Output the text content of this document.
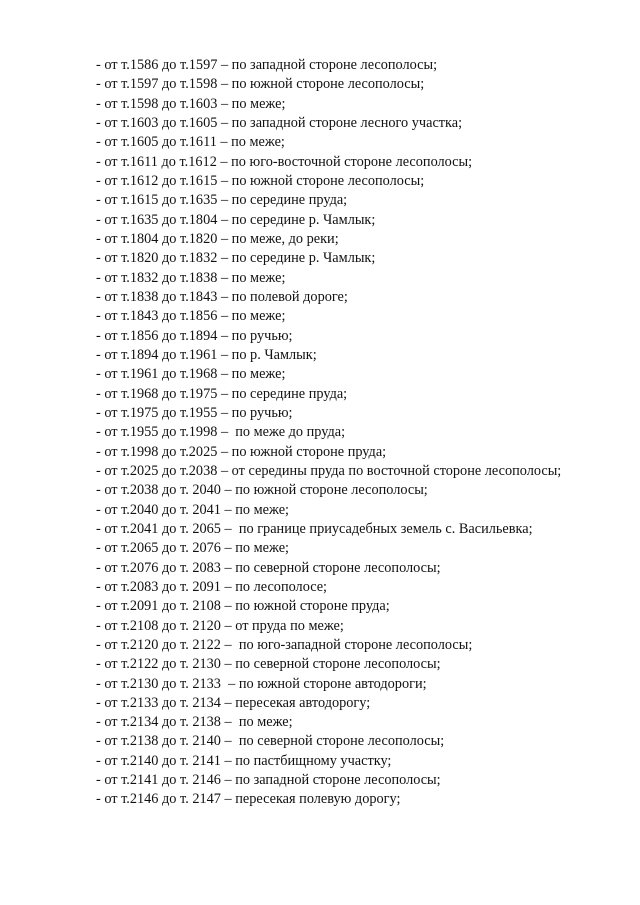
- от т.1586 до т.1597 – по западной стороне лесополосы;
- от т.1597 до т.1598 – по южной стороне лесополосы;
- от т.1598 до т.1603 – по меже;
- от т.1603 до т.1605 – по западной стороне лесного участка;
- от т.1605 до т.1611 – по меже;
- от т.1611 до т.1612 – по юго-восточной стороне лесополосы;
- от т.1612 до т.1615 – по южной стороне лесополосы;
- от т.1615 до т.1635 – по середине пруда;
- от т.1635 до т.1804 – по середине р. Чамлык;
- от т.1804 до т.1820 – по меже, до реки;
- от т.1820 до т.1832 – по середине р. Чамлык;
- от т.1832 до т.1838 – по меже;
- от т.1838 до т.1843 – по полевой дороге;
- от т.1843 до т.1856 – по меже;
- от т.1856 до т.1894 – по ручью;
- от т.1894 до т.1961 – по р. Чамлык;
- от т.1961 до т.1968 – по меже;
- от т.1968 до т.1975 – по середине пруда;
- от т.1975 до т.1955 – по ручью;
- от т.1955 до т.1998 –  по меже до пруда;
- от т.1998 до т.2025 – по южной стороне пруда;
- от т.2025 до т.2038 – от середины пруда по восточной стороне лесополосы;
- от т.2038 до т. 2040 – по южной стороне лесополосы;
- от т.2040 до т. 2041 – по меже;
- от т.2041 до т. 2065 –  по границе приусадебных земель с. Васильевка;
- от т.2065 до т. 2076 – по меже;
- от т.2076 до т. 2083 – по северной стороне лесополосы;
- от т.2083 до т. 2091 – по лесополосе;
- от т.2091 до т. 2108 – по южной стороне пруда;
- от т.2108 до т. 2120 – от пруда по меже;
- от т.2120 до т. 2122 –  по юго-западной стороне лесополосы;
- от т.2122 до т. 2130 – по северной стороне лесополосы;
- от т.2130 до т. 2133  – по южной стороне автодороги;
- от т.2133 до т. 2134 – пересекая автодорогу;
- от т.2134 до т. 2138 –  по меже;
- от т.2138 до т. 2140 –  по северной стороне лесополосы;
- от т.2140 до т. 2141 – по пастбищному участку;
- от т.2141 до т. 2146 – по западной стороне лесополосы;
- от т.2146 до т. 2147 – пересекая полевую дорогу;
